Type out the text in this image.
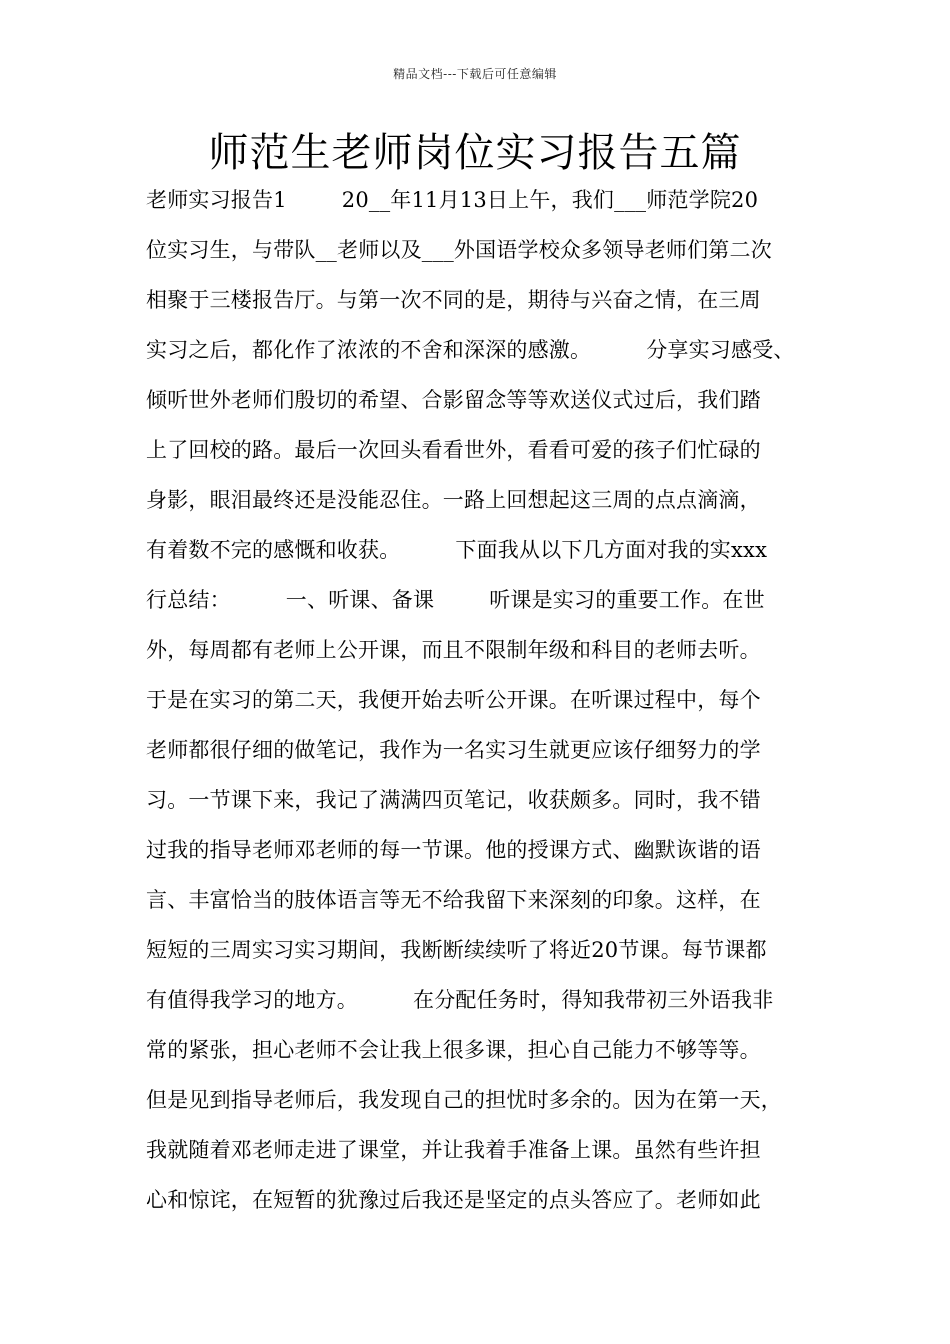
精品文档---下载后可任意编辑
师范生老师岗位实习报告五篇
老师实习报告1        20__年11月13日上午，我们___师范学院20
位实习生，与带队__老师以及___外国语学校众多领导老师们第二次
相聚于三楼报告厅。与第一次不同的是，期待与兴奋之情，在三周
实习之后，都化作了浓浓的不舍和深深的感激。        分享实习感受、
倾听世外老师们殷切的希望、合影留念等等欢送仪式过后，我们踏
上了回校的路。最后一次回头看看世外，看看可爱的孩子们忙碌的
身影，眼泪最终还是没能忍住。一路上回想起这三周的点点滴滴，
有着数不完的感慨和收获。        下面我从以下几方面对我的实xxx
行总结：        一、听课、备课        听课是实习的重要工作。在世
外，每周都有老师上公开课，而且不限制年级和科目的老师去听。
于是在实习的第二天，我便开始去听公开课。在听课过程中，每个
老师都很仔细的做笔记，我作为一名实习生就更应该仔细努力的学
习。一节课下来，我记了满满四页笔记，收获颇多。同时，我不错
过我的指导老师邓老师的每一节课。他的授课方式、幽默诙谐的语
言、丰富恰当的肢体语言等无不给我留下来深刻的印象。这样，在
短短的三周实习实习期间，我断断续续听了将近20节课。每节课都
有值得我学习的地方。        在分配任务时，得知我带初三外语我非
常的紧张，担心老师不会让我上很多课，担心自己能力不够等等。
但是见到指导老师后，我发现自己的担忧时多余的。因为在第一天，
我就随着邓老师走进了课堂，并让我着手准备上课。虽然有些许担
心和惊诧，在短暂的犹豫过后我还是坚定的点头答应了。老师如此
